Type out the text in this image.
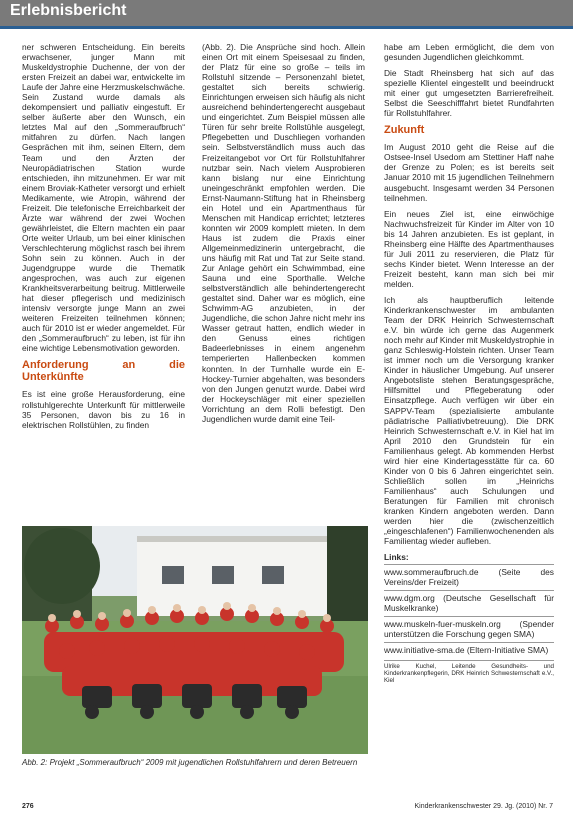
Erlebnisbericht

ner schweren Entscheidung. Ein bereits erwachsener, junger Mann mit Muskeldystrophie Duchenne, der von der ersten Freizeit an dabei war, entwickelte im Laufe der Jahre eine Herzmuskelschwäche. Sein Zustand wurde damals als dekompensiert und palliativ eingestuft. Er selber äußerte aber den Wunsch, ein letztes Mal auf den „Sommeraufbruch“ mitfahren zu dürfen. Nach langen Gesprächen mit ihm, seinen Eltern, dem Team und den Ärzten der Neuropädiatrischen Station wurde entschieden, ihn mitzunehmen. Er war mit einem Broviak-Katheter versorgt und erhielt Medikamente, wie Atropin, während der Freizeit. Die telefonische Erreichbarkeit der Ärzte war während der zwei Wochen gewährleistet, die Eltern machten ein paar Orte weiter Urlaub, um bei einer klinischen Verschlechterung möglichst rasch bei ihrem Sohn sein zu können. Auch in der Jugendgruppe wurde die Thematik angesprochen, was auch zur eigenen Krankheitsverarbeitung beitrug. Mittlerweile hat dieser pflegerisch und medizinisch intensiv versorgte junge Mann an zwei weiteren Freizeiten teilnehmen können; auch für 2010 ist er wieder angemeldet. Für den „Sommeraufbruch“ zu leben, ist für ihn eine wichtige Lebensmotivation geworden.

Anforderung an die Unterkünfte

Es ist eine große Herausforderung, eine rollstuhlgerechte Unterkunft für mittlerweile 35 Personen, davon bis zu 16 in elektrischen Rollstühlen, zu finden

(Abb. 2). Die Ansprüche sind hoch. Allein einen Ort mit einem Speisesaal zu finden, der Platz für eine so große – teils im Rollstuhl sitzende – Personenzahl bietet, gestaltet sich bereits schwierig. Einrichtungen erweisen sich häufig als nicht ausreichend behindertengerecht ausgebaut und eingerichtet. Zum Beispiel müssen alle Türen für sehr breite Rollstühle ausgelegt, Pflegebetten und Duschliegen vorhanden sein. Selbstverständlich muss auch das Freizeitangebot vor Ort für Rollstuhlfahrer nutzbar sein. Nach vielem Ausprobieren kann bislang nur eine Einrichtung uneingeschränkt empfohlen werden. Die Ernst-Naumann-Stiftung hat in Rheinsberg ein Hotel und ein Apartmenthaus für Menschen mit Handicap errichtet; letzteres konnten wir 2009 komplett mieten. In dem Haus ist zudem die Praxis einer Allgemeinmedizinerin untergebracht, die uns häufig mit Rat und Tat zur Seite stand. Zur Anlage gehört ein Schwimmbad, eine Sauna und eine Sporthalle. Welche selbstverständlich alle behindertengerecht gestaltet sind. Daher war es möglich, eine Schwimm-AG anzubieten, in der Jugendliche, die schon Jahre nicht mehr ins Wasser getraut hatten, endlich wieder in den Genuss eines richtigen Badeerlebnisses in einem angenehm temperierten Hallenbecken kommen konnten. In der Turnhalle wurde ein E-Hockey-Turnier abgehalten, was besonders von den Jungen genutzt wurde. Dabei wird der Hockeyschläger mit einer speziellen Vorrichtung an dem Rolli befestigt. Den Jugendlichen wurde damit eine Teil-

habe am Leben ermöglicht, die dem von gesunden Jugendlichen gleichkommt.

Die Stadt Rheinsberg hat sich auf das spezielle Klientel eingestellt und beeindruckt mit einer gut umgesetzten Barrierefreiheit. Selbst die Seeschifffahrt bietet Rundfahrten für Rollstuhlfahrer.

Zukunft

Im August 2010 geht die Reise auf die Ostsee-Insel Usedom am Stettiner Haff nahe der Grenze zu Polen; es ist bereits seit Januar 2010 mit 15 jugendlichen Teilnehmern ausgebucht. Insgesamt werden 34 Personen teilnehmen.

Ein neues Ziel ist, eine einwöchige Nachwuchsfreizeit für Kinder im Alter von 10 bis 14 Jahren anzubieten. Es ist geplant, in Rheinsberg eine Hälfte des Apartmenthauses für Juli 2011 zu reservieren, die Platz für sechs Kinder bietet. Wenn Interesse an der Freizeit besteht, kann man sich bei mir melden.

Ich als hauptberuflich leitende Kinderkrankenschwester im ambulanten Team der DRK Heinrich Schwesternschaft e.V. bin würde ich gerne das Augenmerk noch mehr auf Kinder mit Muskeldystrophie in ganz Schleswig-Holstein richten. Unser Team ist immer noch um die Versorgung kranker Kinder in häuslicher Umgebung. Auf unserer Angebotsliste stehen Beratungsgespräche, Hilfsmittel und Pflegeberatung oder Einsatzpflege. Auch verfügen wir über ein SAPPV-Team (spezialisierte ambulante pädiatrische Palliativbetreuung). Die DRK Heinrich Schwesternschaft e.V. in Kiel hat im April 2010 den Grundstein für ein Familienhaus gelegt. Ab kommenden Herbst wird hier eine Kindertagesstätte für ca. 60 Kinder von 0 bis 6 Jahren eingerichtet sein. Schließlich sollen im „Heinrichs Familienhaus“ auch Schulungen und Beratungen für Familien mit chronisch kranken Kindern angeboten werden. Dann werden hier die (zwischenzeitlich „eingeschlafenen“) Familienwochenenden als Familientag wieder aufleben.

Links:
www.sommeraufbruch.de (Seite des Vereins/der Freizeit)
www.dgm.org (Deutsche Gesellschaft für Muskelkranke)
www.muskeln-fuer-muskeln.org (Spender unterstützen die Forschung gegen SMA)
www.initiative-sma.de (Eltern-Initiative SMA)
Ulrike Kuchel, Leitende Gesundheits- und Kinderkrankenpflegerin, DRK Heinrich Schwesternschaft e.V., Kiel
Abb. 2: Projekt „Sommeraufbruch“ 2009 mit jugendlichen Rollstuhlfahrern und deren Betreuern
276	Kinderkrankenschwester 29. Jg. (2010) Nr. 7
